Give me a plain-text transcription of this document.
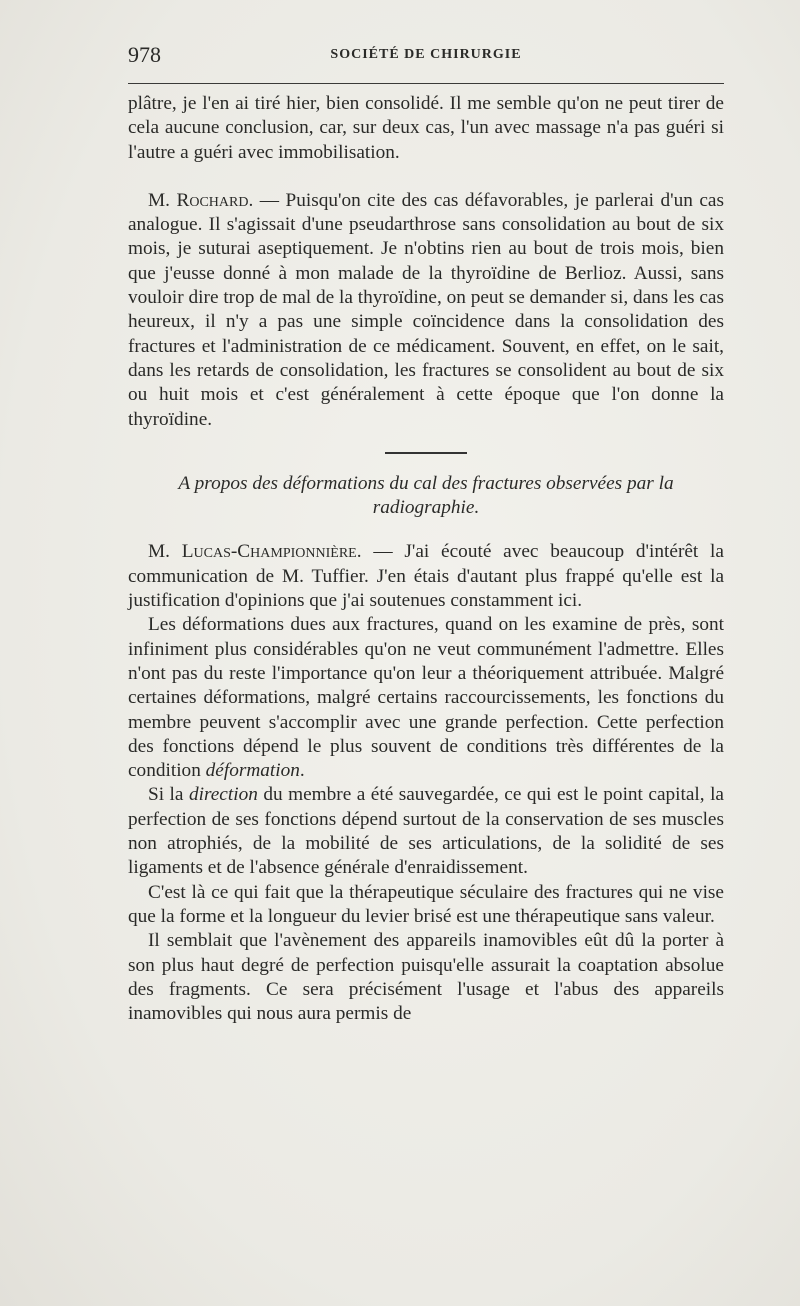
978	SOCIÉTÉ DE CHIRURGIE

plâtre, je l'en ai tiré hier, bien consolidé. Il me semble qu'on ne peut tirer de cela aucune conclusion, car, sur deux cas, l'un avec massage n'a pas guéri si l'autre a guéri avec immobilisation.

M. Rochard. — Puisqu'on cite des cas défavorables, je parlerai d'un cas analogue. Il s'agissait d'une pseudarthrose sans consolidation au bout de six mois, je suturai aseptiquement. Je n'obtins rien au bout de trois mois, bien que j'eusse donné à mon malade de la thyroïdine de Berlioz. Aussi, sans vouloir dire trop de mal de la thyroïdine, on peut se demander si, dans les cas heureux, il n'y a pas une simple coïncidence dans la consolidation des fractures et l'administration de ce médicament. Souvent, en effet, on le sait, dans les retards de consolidation, les fractures se consolident au bout de six ou huit mois et c'est généralement à cette époque que l'on donne la thyroïdine.

A propos des déformations du cal des fractures observées par la radiographie.

M. Lucas-Championnière. — J'ai écouté avec beaucoup d'intérêt la communication de M. Tuffier. J'en étais d'autant plus frappé qu'elle est la justification d'opinions que j'ai soutenues constamment ici.

Les déformations dues aux fractures, quand on les examine de près, sont infiniment plus considérables qu'on ne veut communément l'admettre. Elles n'ont pas du reste l'importance qu'on leur a théoriquement attribuée. Malgré certaines déformations, malgré certains raccourcissements, les fonctions du membre peuvent s'accomplir avec une grande perfection. Cette perfection des fonctions dépend le plus souvent de conditions très différentes de la condition déformation.

Si la direction du membre a été sauvegardée, ce qui est le point capital, la perfection de ses fonctions dépend surtout de la conservation de ses muscles non atrophiés, de la mobilité de ses articulations, de la solidité de ses ligaments et de l'absence générale d'enraidissement.

C'est là ce qui fait que la thérapeutique séculaire des fractures qui ne vise que la forme et la longueur du levier brisé est une thérapeutique sans valeur.

Il semblait que l'avènement des appareils inamovibles eût dû la porter à son plus haut degré de perfection puisqu'elle assurait la coaptation absolue des fragments. Ce sera précisément l'usage et l'abus des appareils inamovibles qui nous aura permis de
